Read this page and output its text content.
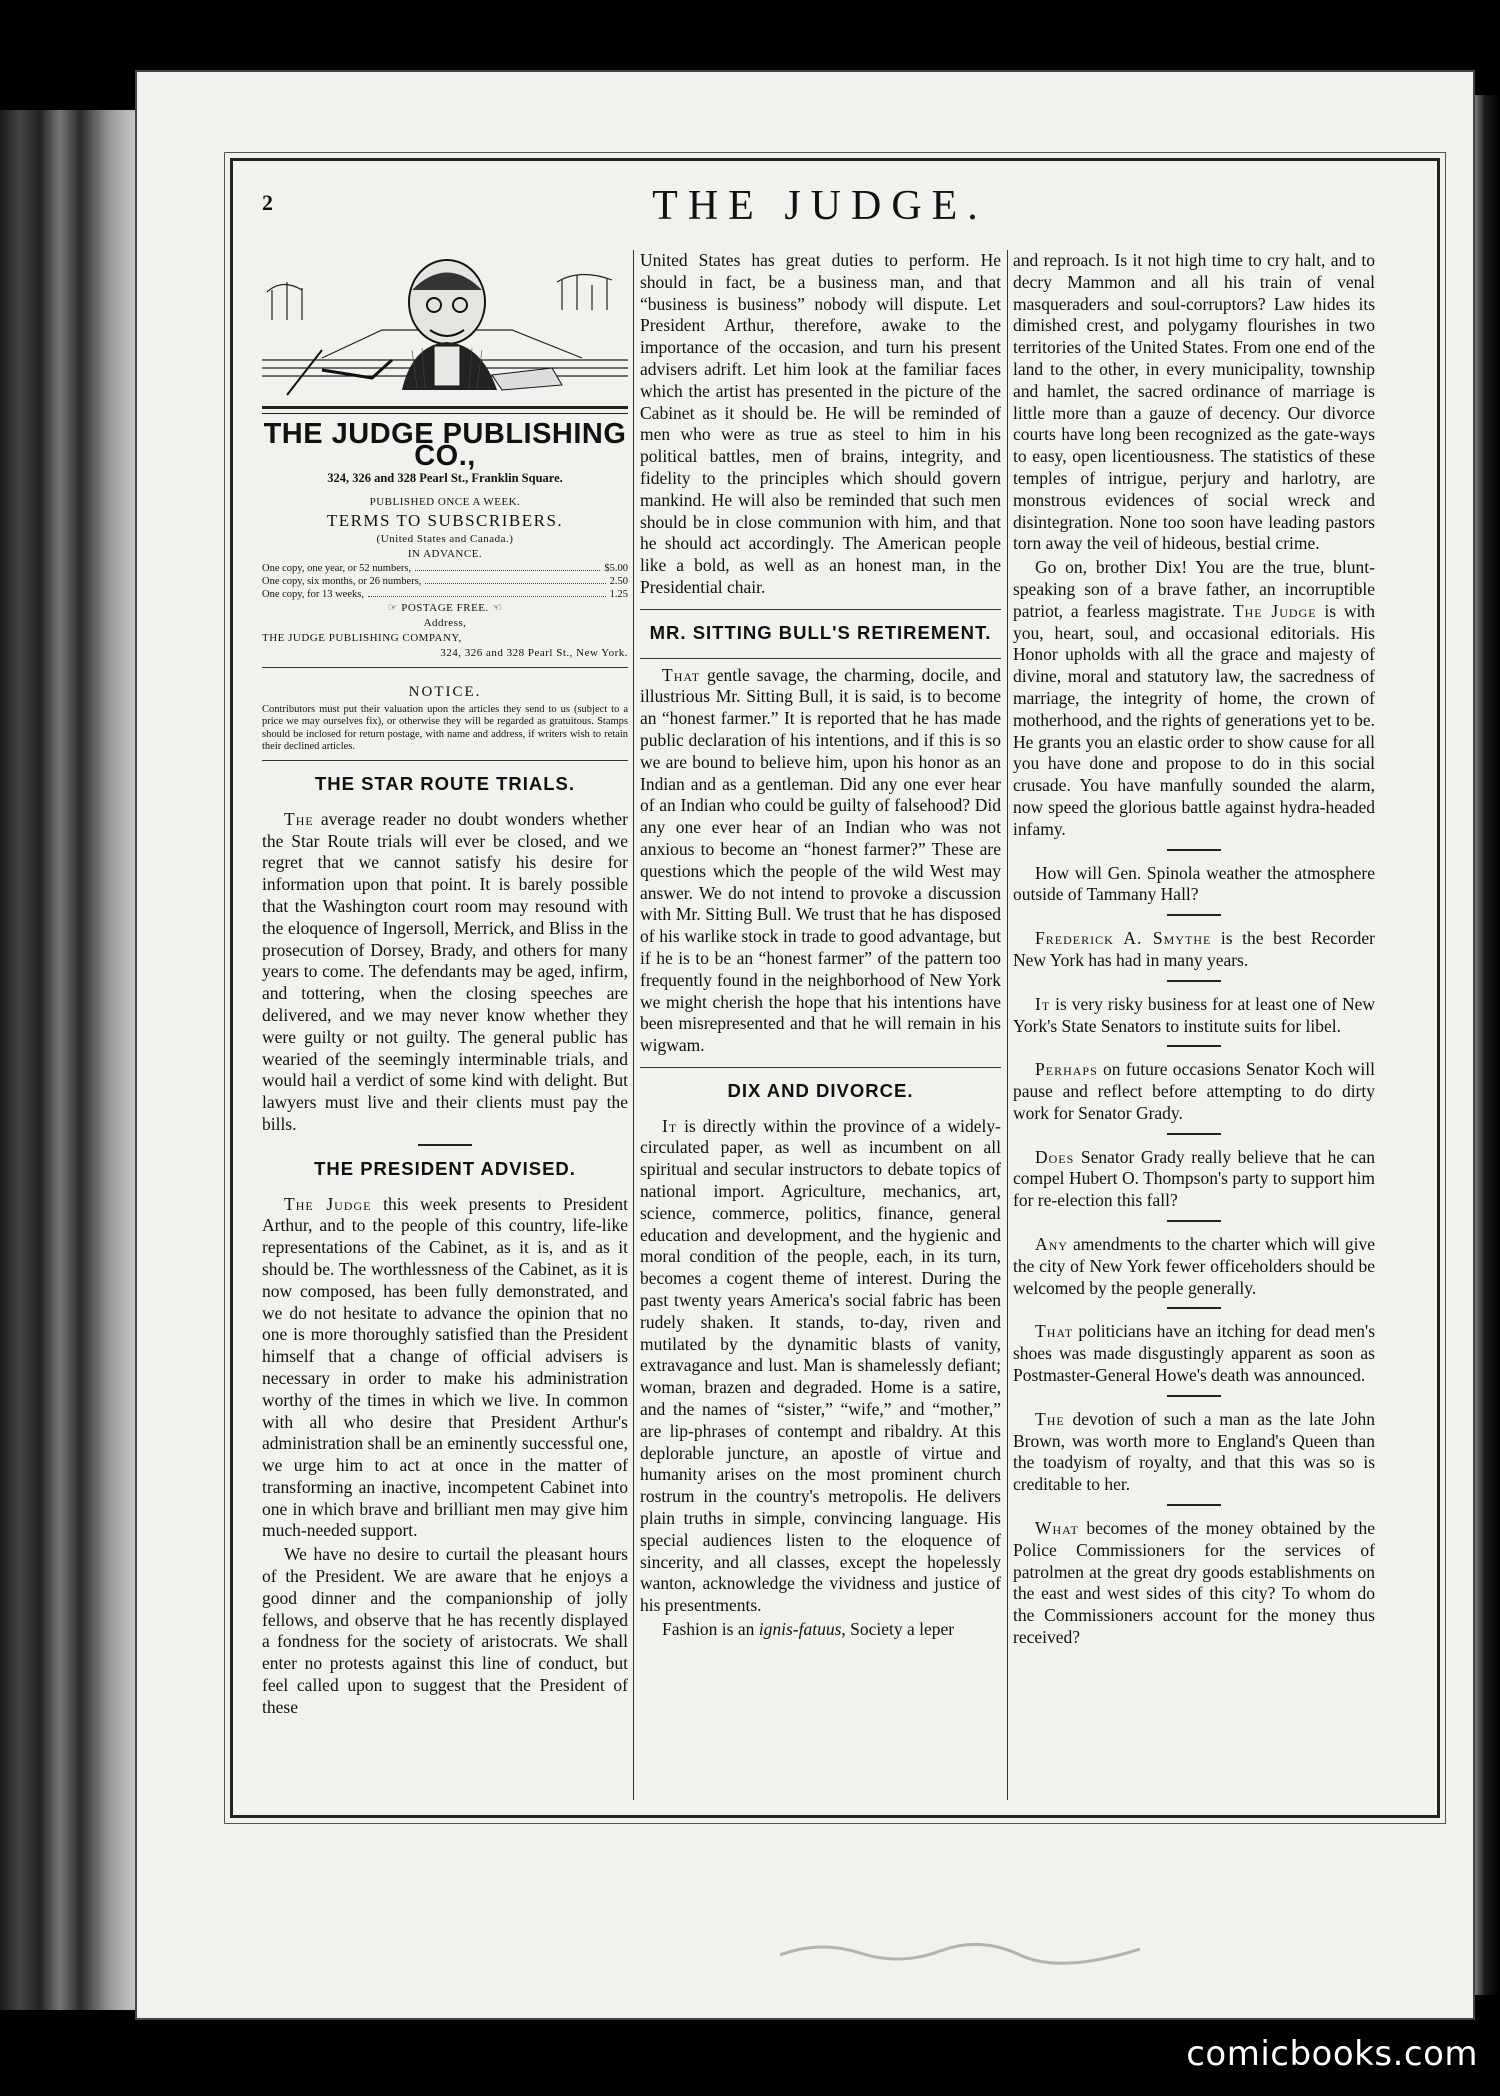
2	THE JUDGE.
THE JUDGE PUBLISHING CO.,
324, 326 and 328 Pearl St., Franklin Square.
PUBLISHED ONCE A WEEK.
TERMS TO SUBSCRIBERS.
(United States and Canada.)
IN ADVANCE.
One copy, one year, or 52 numbers,	$5.00
One copy, six months, or 26 numbers,	2.50
One copy, for 13 weeks,	1.25
☞ POSTAGE FREE. ☜
Address,
THE JUDGE PUBLISHING COMPANY,
324, 326 and 328 Pearl St., New York.
NOTICE.
Contributors must put their valuation upon the articles they send to us (subject to a price we may ourselves fix), or otherwise they will be regarded as gratuitous. Stamps should be inclosed for return postage, with name and address, if writers wish to retain their declined articles.
THE STAR ROUTE TRIALS.

The average reader no doubt wonders whether the Star Route trials will ever be closed, and we regret that we cannot satisfy his desire for information upon that point. It is barely possible that the Washington court room may resound with the eloquence of Ingersoll, Merrick, and Bliss in the prosecution of Dorsey, Brady, and others for many years to come. The defendants may be aged, infirm, and tottering, when the closing speeches are delivered, and we may never know whether they were guilty or not guilty. The general public has wearied of the seemingly interminable trials, and would hail a verdict of some kind with delight. But lawyers must live and their clients must pay the bills.

THE PRESIDENT ADVISED.

The Judge this week presents to President Arthur, and to the people of this country, life-like representations of the Cabinet, as it is, and as it should be. The worthlessness of the Cabinet, as it is now composed, has been fully demonstrated, and we do not hesitate to advance the opinion that no one is more thoroughly satisfied than the President himself that a change of official advisers is necessary in order to make his administration worthy of the times in which we live. In common with all who desire that President Arthur's administration shall be an eminently successful one, we urge him to act at once in the matter of transforming an inactive, incompetent Cabinet into one in which brave and brilliant men may give him much-needed support.

We have no desire to curtail the pleasant hours of the President. We are aware that he enjoys a good dinner and the companionship of jolly fellows, and observe that he has recently displayed a fondness for the society of aristocrats. We shall enter no protests against this line of conduct, but feel called upon to suggest that the President of these

United States has great duties to perform. He should in fact, be a business man, and that “business is business” nobody will dispute. Let President Arthur, therefore, awake to the importance of the occasion, and turn his present advisers adrift. Let him look at the familiar faces which the artist has presented in the picture of the Cabinet as it should be. He will be reminded of men who were as true as steel to him in his political battles, men of brains, integrity, and fidelity to the principles which should govern mankind. He will also be reminded that such men should be in close communion with him, and that he should act accordingly. The American people like a bold, as well as an honest man, in the Presidential chair.

MR. SITTING BULL'S RETIREMENT.

That gentle savage, the charming, docile, and illustrious Mr. Sitting Bull, it is said, is to become an “honest farmer.” It is reported that he has made public declaration of his intentions, and if this is so we are bound to believe him, upon his honor as an Indian and as a gentleman. Did any one ever hear of an Indian who could be guilty of falsehood? Did any one ever hear of an Indian who was not anxious to become an “honest farmer?” These are questions which the people of the wild West may answer. We do not intend to provoke a discussion with Mr. Sitting Bull. We trust that he has disposed of his warlike stock in trade to good advantage, but if he is to be an “honest farmer” of the pattern too frequently found in the neighborhood of New York we might cherish the hope that his intentions have been misrepresented and that he will remain in his wigwam.

DIX AND DIVORCE.

It is directly within the province of a widely-circulated paper, as well as incumbent on all spiritual and secular instructors to debate topics of national import. Agriculture, mechanics, art, science, commerce, politics, finance, general education and development, and the hygienic and moral condition of the people, each, in its turn, becomes a cogent theme of interest. During the past twenty years America's social fabric has been rudely shaken. It stands, to-day, riven and mutilated by the dynamitic blasts of vanity, extravagance and lust. Man is shamelessly defiant; woman, brazen and degraded. Home is a satire, and the names of “sister,” “wife,” and “mother,” are lip-phrases of contempt and ribaldry. At this deplorable juncture, an apostle of virtue and humanity arises on the most prominent church rostrum in the country's metropolis. He delivers plain truths in simple, convincing language. His special audiences listen to the eloquence of sincerity, and all classes, except the hopelessly wanton, acknowledge the vividness and justice of his presentments.

Fashion is an ignis-fatuus, Society a leper

and reproach. Is it not high time to cry halt, and to decry Mammon and all his train of venal masqueraders and soul-corruptors? Law hides its dimished crest, and polygamy flourishes in two territories of the United States. From one end of the land to the other, in every municipality, township and hamlet, the sacred ordinance of marriage is little more than a gauze of decency. Our divorce courts have long been recognized as the gate-ways to easy, open licentiousness. The statistics of these temples of intrigue, perjury and harlotry, are monstrous evidences of social wreck and disintegration. None too soon have leading pastors torn away the veil of hideous, bestial crime.

Go on, brother Dix! You are the true, blunt-speaking son of a brave father, an incorruptible patriot, a fearless magistrate. The Judge is with you, heart, soul, and occasional editorials. His Honor upholds with all the grace and majesty of divine, moral and statutory law, the sacredness of marriage, the integrity of home, the crown of motherhood, and the rights of generations yet to be. He grants you an elastic order to show cause for all you have done and propose to do in this social crusade. You have manfully sounded the alarm, now speed the glorious battle against hydra-headed infamy.

How will Gen. Spinola weather the atmosphere outside of Tammany Hall?

Frederick A. Smythe is the best Recorder New York has had in many years.

It is very risky business for at least one of New York's State Senators to institute suits for libel.

Perhaps on future occasions Senator Koch will pause and reflect before attempting to do dirty work for Senator Grady.

Does Senator Grady really believe that he can compel Hubert O. Thompson's party to support him for re-election this fall?

Any amendments to the charter which will give the city of New York fewer officeholders should be welcomed by the people generally.

That politicians have an itching for dead men's shoes was made disgustingly apparent as soon as Postmaster-General Howe's death was announced.

The devotion of such a man as the late John Brown, was worth more to England's Queen than the toadyism of royalty, and that this was so is creditable to her.

What becomes of the money obtained by the Police Commissioners for the services of patrolmen at the great dry goods establishments on the east and west sides of this city? To whom do the Commissioners account for the money thus received?

comicbooks.com
